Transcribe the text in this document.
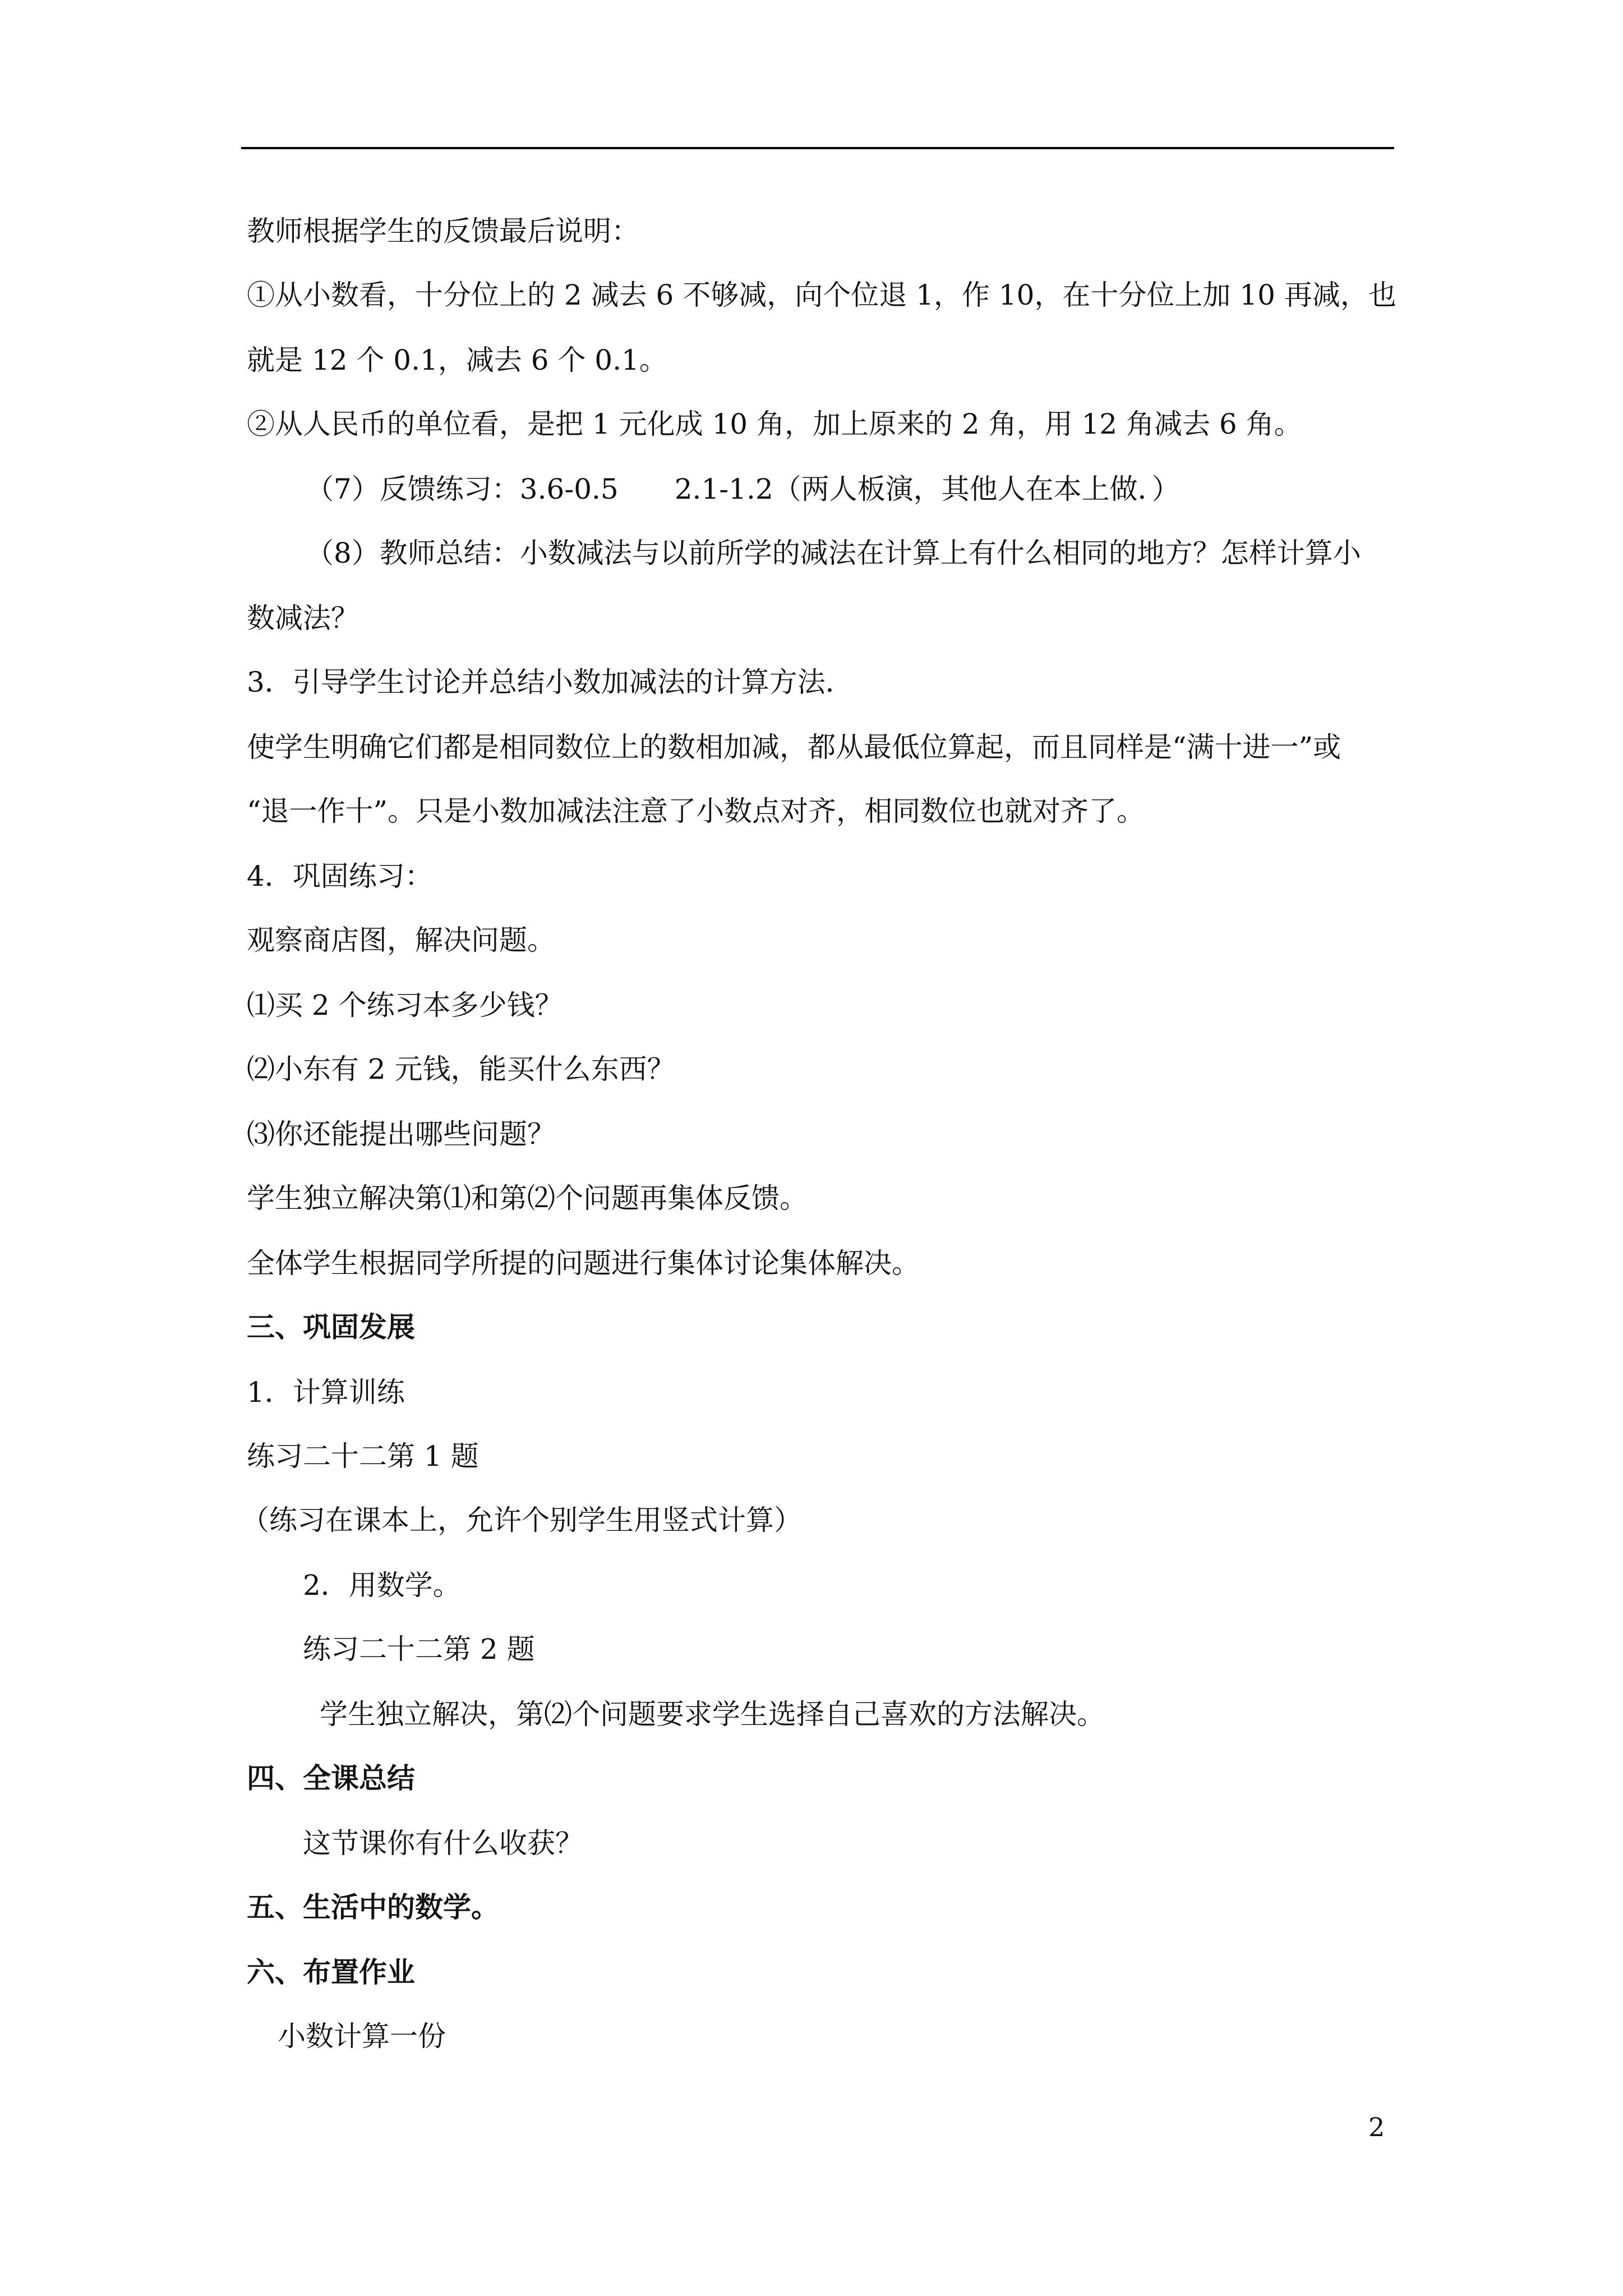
教师根据学生的反馈最后说明：
①从小数看，十分位上的 2 减去 6 不够减，向个位退 1，作 10，在十分位上加 10 再减，也
就是 12 个 0.1，减去 6 个 0.1。
②从人民币的单位看，是把 1 元化成 10 角，加上原来的 2 角，用 12 角减去 6 角。
（7）反馈练习：3.6-0.5　　2.1-1.2（两人板演，其他人在本上做．）
（8）教师总结：小数减法与以前所学的减法在计算上有什么相同的地方？怎样计算小
数减法？
3．引导学生讨论并总结小数加减法的计算方法．
使学生明确它们都是相同数位上的数相加减，都从最低位算起，而且同样是“满十进一”或
“退一作十”。只是小数加减法注意了小数点对齐，相同数位也就对齐了。
4．巩固练习：
观察商店图，解决问题。
⑴买 2 个练习本多少钱？
⑵小东有 2 元钱，能买什么东西？
⑶你还能提出哪些问题？
学生独立解决第⑴和第⑵个问题再集体反馈。
全体学生根据同学所提的问题进行集体讨论集体解决。
三、巩固发展
1．计算训练
练习二十二第 1 题
（练习在课本上，允许个别学生用竖式计算）
2．用数学。
练习二十二第 2 题
学生独立解决，第⑵个问题要求学生选择自己喜欢的方法解决。
四、全课总结
这节课你有什么收获？
五、生活中的数学。
六、布置作业
小数计算一份
2
